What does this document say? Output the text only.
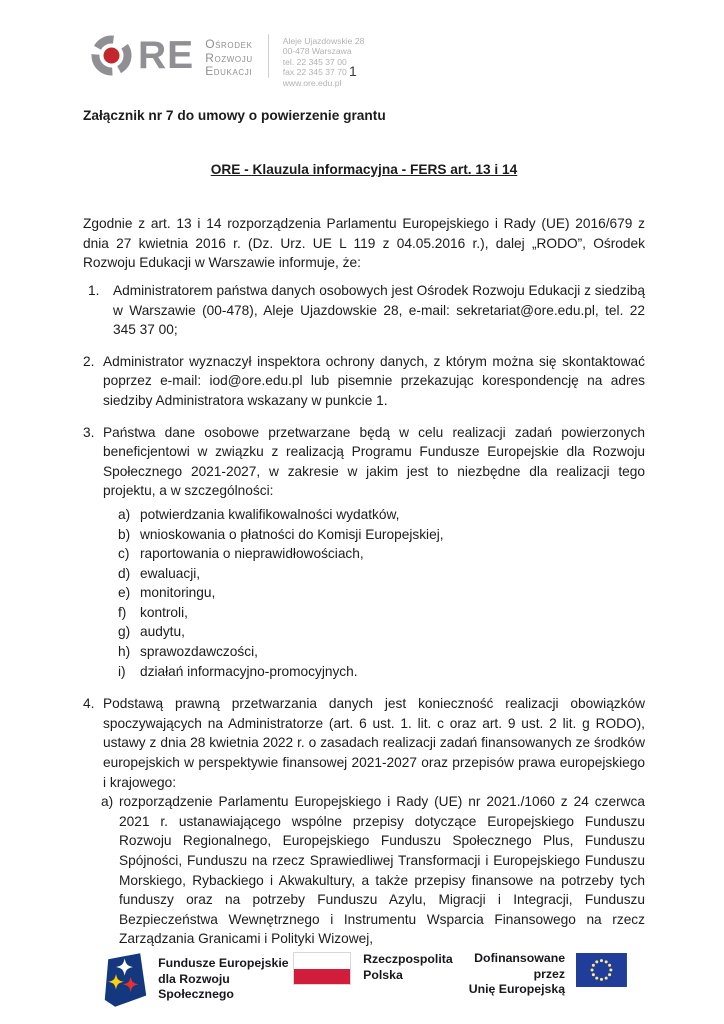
RE Ośrodek
Rozwoju
Edukacji
Aleje Ujazdowskie 28
00-478 Warszawa
tel. 22 345 37 00
fax 22 345 37 70
www.ore.edu.pl
1
Załącznik nr 7 do umowy o powierzenie grantu
ORE - Klauzula informacyjna - FERS art. 13 i 14
Zgodnie z art. 13 i 14 rozporządzenia Parlamentu Europejskiego i Rady (UE) 2016/679 z dnia 27 kwietnia 2016 r. (Dz. Urz. UE L 119 z 04.05.2016 r.), dalej „RODO”, Ośrodek Rozwoju Edukacji w Warszawie informuje, że:
1. Administratorem państwa danych osobowych jest Ośrodek Rozwoju Edukacji z siedzibą w Warszawie (00-478), Aleje Ujazdowskie 28, e-mail: sekretariat@ore.edu.pl, tel. 22 345 37 00;
2. Administrator wyznaczył inspektora ochrony danych, z którym można się skontaktować poprzez e-mail: iod@ore.edu.pl lub pisemnie przekazując korespondencję na adres siedziby Administratora wskazany w punkcie 1.
3. Państwa dane osobowe przetwarzane będą w celu realizacji zadań powierzonych beneficjentowi w związku z realizacją Programu Fundusze Europejskie dla Rozwoju Społecznego 2021-2027, w zakresie w jakim jest to niezbędne dla realizacji tego projektu, a w szczególności:
a) potwierdzania kwalifikowalności wydatków,
b) wnioskowania o płatności do Komisji Europejskiej,
c) raportowania o nieprawidłowościach,
d) ewaluacji,
e) monitoringu,
f) kontroli,
g) audytu,
h) sprawozdawczości,
i)	działań informacyjno-promocyjnych.
4. Podstawą prawną przetwarzania danych jest konieczność realizacji obowiązków spoczywających na Administratorze (art. 6 ust. 1. lit. c oraz art. 9 ust. 2 lit. g RODO), ustawy z dnia 28 kwietnia 2022 r. o zasadach realizacji zadań finansowanych ze środków europejskich w perspektywie finansowej 2021-2027 oraz przepisów prawa europejskiego i krajowego:
a) rozporządzenie Parlamentu Europejskiego i Rady (UE) nr 2021./1060 z 24 czerwca 2021 r. ustanawiającego wspólne przepisy dotyczące Europejskiego Funduszu Rozwoju Regionalnego, Europejskiego Funduszu Społecznego Plus, Funduszu Spójności, Funduszu na rzecz Sprawiedliwej Transformacji i Europejskiego Funduszu Morskiego, Rybackiego i Akwakultury, a także przepisy finansowe na potrzeby tych funduszy oraz na potrzeby Funduszu Azylu, Migracji i Integracji, Funduszu Bezpieczeństwa Wewnętrznego i Instrumentu Wsparcia Finansowego na rzecz Zarządzania Granicami i Polityki Wizowej,
Fundusze Europejskie
dla Rozwoju Społecznego
Rzeczpospolita
Polska
Dofinansowane przez
Unię Europejską
